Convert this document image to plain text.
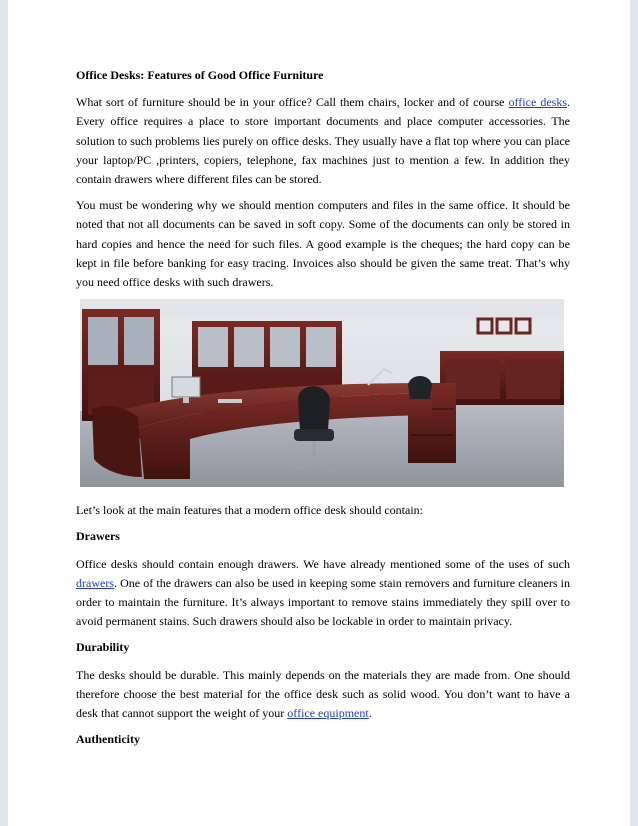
Office Desks: Features of Good Office Furniture

What sort of furniture should be in your office? Call them chairs, locker and of course office desks. Every office requires a place to store important documents and place computer accessories. The solution to such problems lies purely on office desks. They usually have a flat top where you can place your laptop/PC ,printers, copiers, telephone, fax machines just to mention a few. In addition they contain drawers where different files can be stored.

You must be wondering why we should mention computers and files in the same office. It should be noted that not all documents can be saved in soft copy. Some of the documents can only be stored in hard copies and hence the need for such files. A good example is the cheques; the hard copy can be kept in file before banking for easy tracing. Invoices also should be given the same treat. That’s why you need office desks with such drawers.

Let’s look at the main features that a modern office desk should contain:

Drawers

Office desks should contain enough drawers. We have already mentioned some of the uses of such drawers. One of the drawers can also be used in keeping some stain removers and furniture cleaners in order to maintain the furniture. It’s always important to remove stains immediately they spill over to avoid permanent stains. Such drawers should also be lockable in order to maintain privacy.

Durability

The desks should be durable. This mainly depends on the materials they are made from. One should therefore choose the best material for the office desk such as solid wood. You don’t want to have a desk that cannot support the weight of your office equipment.

Authenticity
